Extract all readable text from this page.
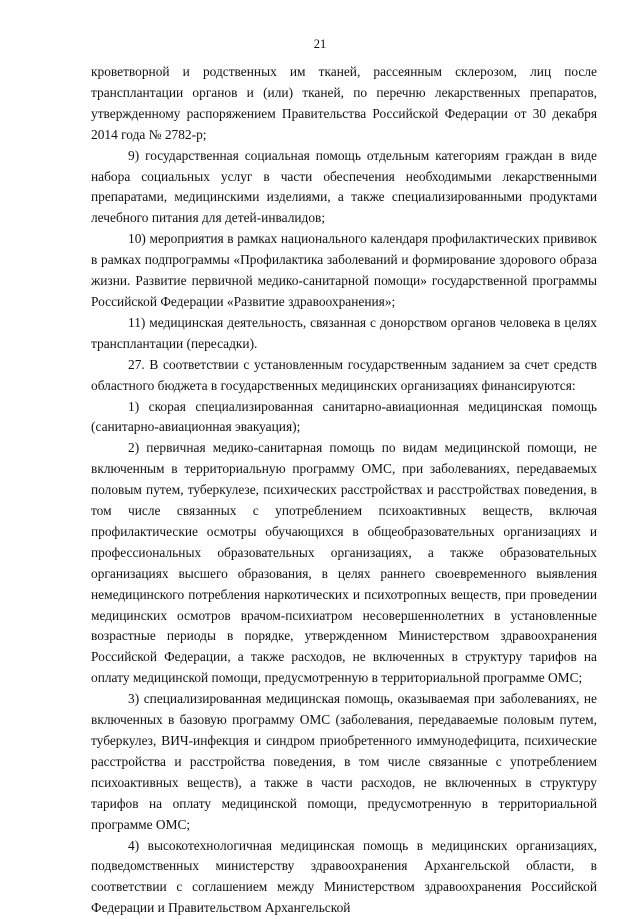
21

кроветворной и родственных им тканей, рассеянным склерозом, лиц после трансплантации органов и (или) тканей, по перечню лекарственных препаратов, утвержденному распоряжением Правительства Российской Федерации от 30 декабря 2014 года № 2782-р;

9) государственная социальная помощь отдельным категориям граждан в виде набора социальных услуг в части обеспечения необходимыми лекарственными препаратами, медицинскими изделиями, а также специализированными продуктами лечебного питания для детей-инвалидов;

10) мероприятия в рамках национального календаря профилактических прививок в рамках подпрограммы «Профилактика заболеваний и формирование здорового образа жизни. Развитие первичной медико-санитарной помощи» государственной программы Российской Федерации «Развитие здравоохранения»;

11) медицинская деятельность, связанная с донорством органов человека в целях трансплантации (пересадки).

27. В соответствии с установленным государственным заданием за счет средств областного бюджета в государственных медицинских организациях финансируются:

1) скорая специализированная санитарно-авиационная медицинская помощь (санитарно-авиационная эвакуация);

2) первичная медико-санитарная помощь по видам медицинской помощи, не включенным в территориальную программу ОМС, при заболеваниях, передаваемых половым путем, туберкулезе, психических расстройствах и расстройствах поведения, в том числе связанных с употреблением психоактивных веществ, включая профилактические осмотры обучающихся в общеобразовательных организациях и профессиональных образовательных организациях, а также образовательных организациях высшего образования, в целях раннего своевременного выявления немедицинского потребления наркотических и психотропных веществ, при проведении медицинских осмотров врачом-психиатром несовершеннолетних в установленные возрастные периоды в порядке, утвержденном Министерством здравоохранения Российской Федерации, а также расходов, не включенных в структуру тарифов на оплату медицинской помощи, предусмотренную в территориальной программе ОМС;

3) специализированная медицинская помощь, оказываемая при заболеваниях, не включенных в базовую программу ОМС (заболевания, передаваемые половым путем, туберкулез, ВИЧ-инфекция и синдром приобретенного иммунодефицита, психические расстройства и расстройства поведения, в том числе связанные с употреблением психоактивных веществ), а также в части расходов, не включенных в структуру тарифов на оплату медицинской помощи, предусмотренную в территориальной программе ОМС;

4) высокотехнологичная медицинская помощь в медицинских организациях, подведомственных министерству здравоохранения Архангельской области, в соответствии с соглашением между Министерством здравоохранения Российской Федерации и Правительством Архангельской
